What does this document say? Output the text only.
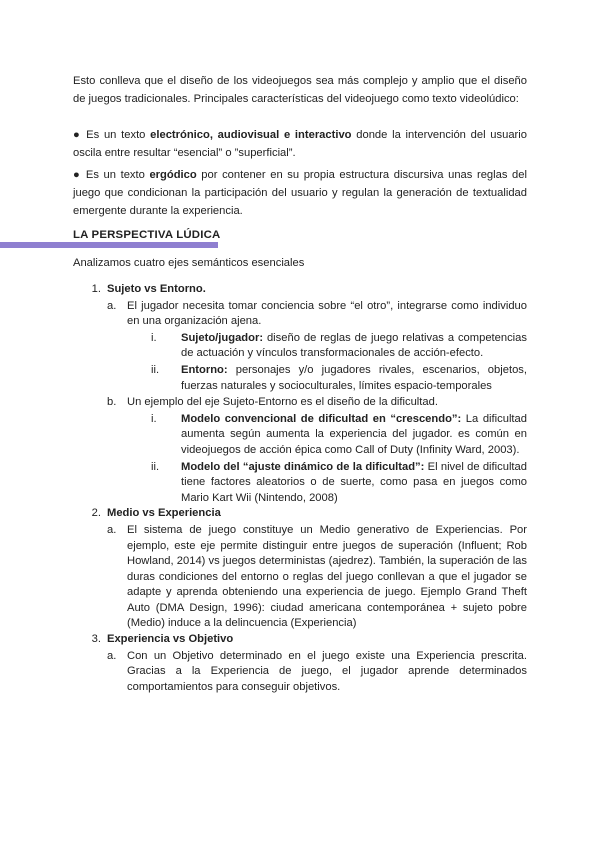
Esto conlleva que el diseño de los videojuegos sea más complejo y amplio que el diseño de juegos tradicionales. Principales características del videojuego como texto videolúdico:
● Es un texto electrónico, audiovisual e interactivo donde la intervención del usuario oscila entre resultar “esencial” o ”superficial”.
● Es un texto ergódico por contener en su propia estructura discursiva unas reglas del juego que condicionan la participación del usuario y regulan la generación de textualidad emergente durante la experiencia.
LA PERSPECTIVA LÚDICA
Analizamos cuatro ejes semánticos esenciales
1. Sujeto vs Entorno.
a. El jugador necesita tomar conciencia sobre “el otro”, integrarse como individuo en una organización ajena.
i.	Sujeto/jugador: diseño de reglas de juego relativas a competencias de actuación y vínculos transformacionales de acción-efecto.
ii.	Entorno: personajes y/o jugadores rivales, escenarios, objetos, fuerzas naturales y socioculturales, límites espacio-temporales
b. Un ejemplo del eje Sujeto-Entorno es el diseño de la dificultad.
i.	Modelo convencional de dificultad en “crescendo”: La dificultad aumenta según aumenta la experiencia del jugador. es común en videojuegos de acción épica como Call of Duty (Infinity Ward, 2003).
ii.	Modelo del “ajuste dinámico de la dificultad”: El nivel de dificultad tiene factores aleatorios o de suerte, como pasa en juegos como Mario Kart Wii (Nintendo, 2008)
2. Medio vs Experiencia
a. El sistema de juego constituye un Medio generativo de Experiencias. Por ejemplo, este eje permite distinguir entre juegos de superación (Influent; Rob Howland, 2014) vs juegos deterministas (ajedrez). También, la superación de las duras condiciones del entorno o reglas del juego conllevan a que el jugador se adapte y aprenda obteniendo una experiencia de juego. Ejemplo Grand Theft Auto (DMA Design, 1996): ciudad americana contemporánea + sujeto pobre (Medio) induce a la delincuencia (Experiencia)
3. Experiencia vs Objetivo
a. Con un Objetivo determinado en el juego existe una Experiencia prescrita. Gracias a la Experiencia de juego, el jugador aprende determinados comportamientos para conseguir objetivos.
